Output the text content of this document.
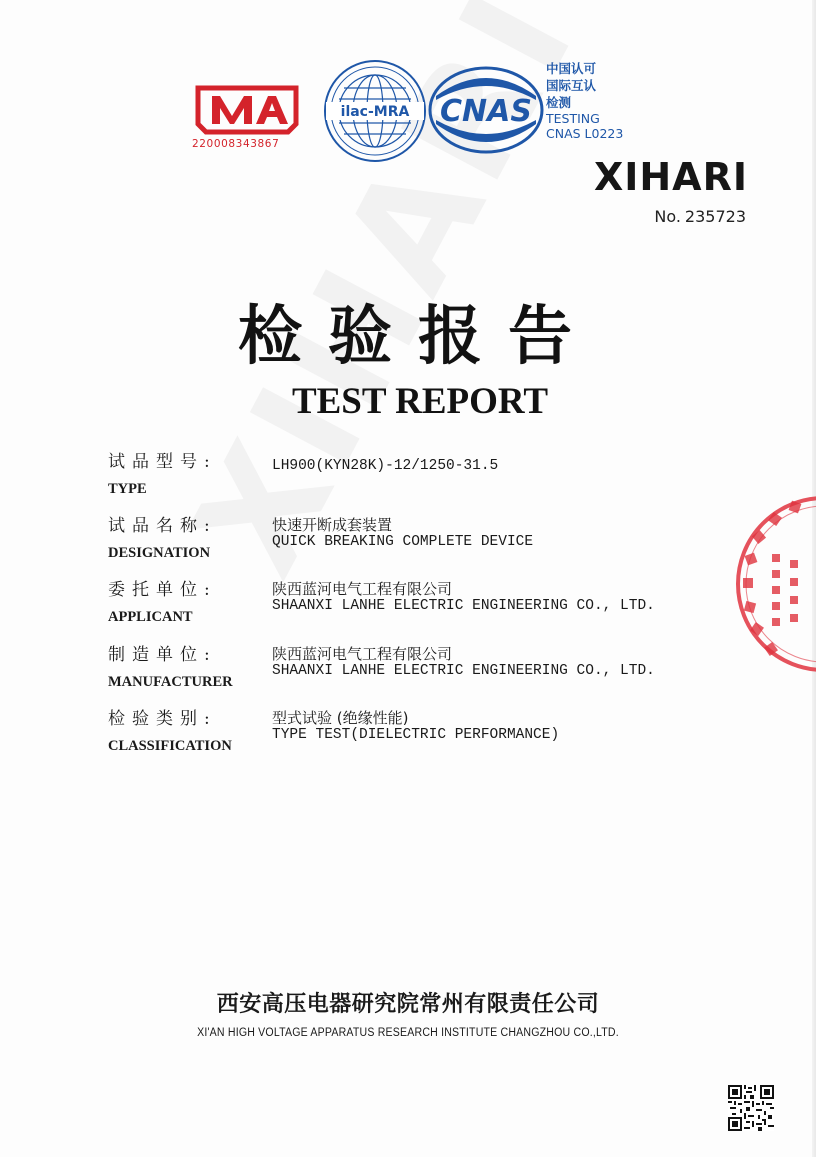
220008343867
ilac-MRA CNAS
中国认可
国际互认
检测
TESTING
CNAS L0223
XIHARI
No. 235723
检验报告
TEST REPORT
试品型号:
TYPE
LH900(KYN28K)-12/1250-31.5
试品名称:
DESIGNATION
快速开断成套装置
QUICK BREAKING COMPLETE DEVICE
委托单位:
APPLICANT
陕西蓝河电气工程有限公司
SHAANXI LANHE ELECTRIC ENGINEERING CO., LTD.
制造单位:
MANUFACTURER
陕西蓝河电气工程有限公司
SHAANXI LANHE ELECTRIC ENGINEERING CO., LTD.
检验类别:
CLASSIFICATION
型式试验 (绝缘性能)
TYPE TEST(DIELECTRIC PERFORMANCE)
西安高压电器研究院常州有限责任公司
XI'AN HIGH VOLTAGE APPARATUS RESEARCH INSTITUTE CHANGZHOU CO.,LTD.
